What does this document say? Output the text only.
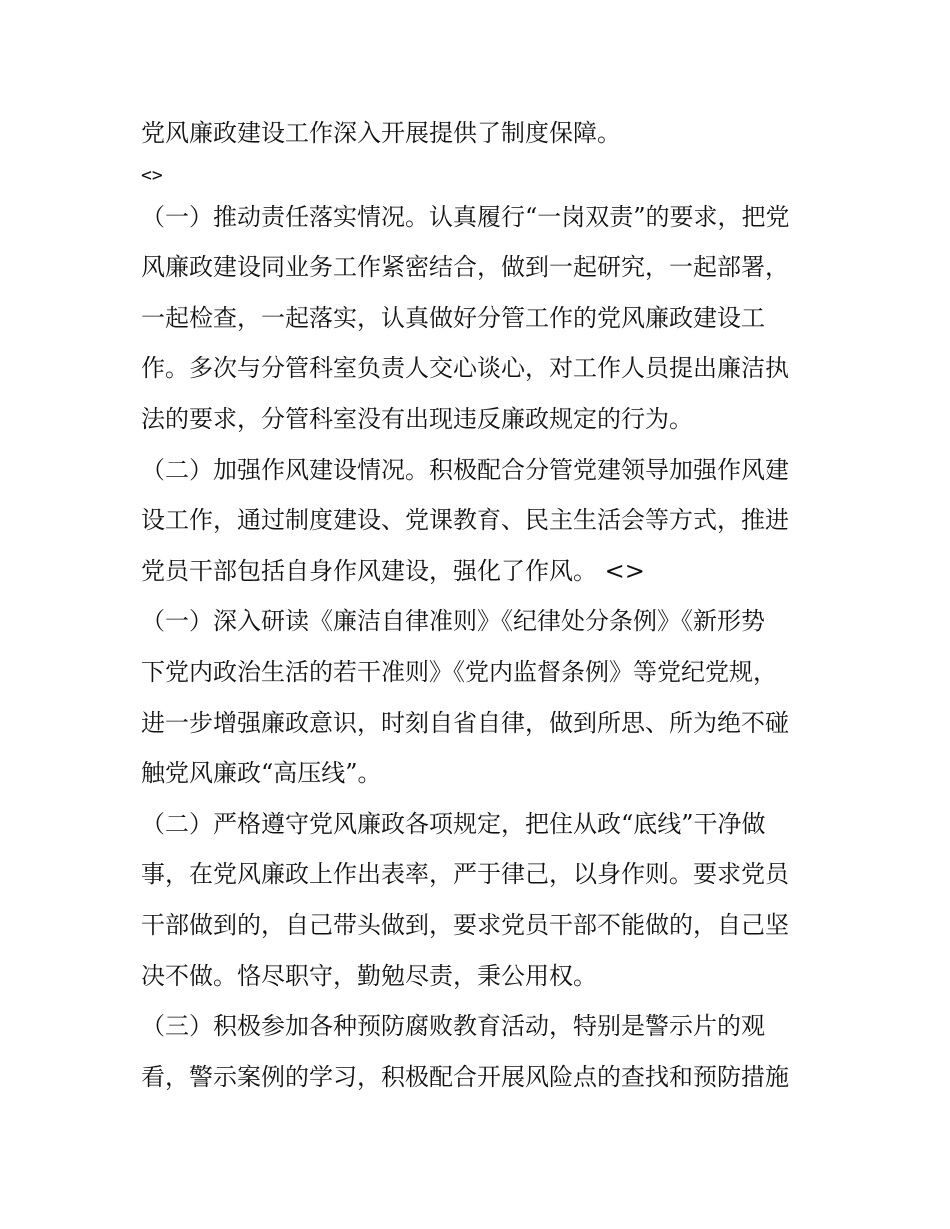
党风廉政建设工作深入开展提供了制度保障。
<>
（一）推动责任落实情况。认真履行“一岗双责”的要求，把党
风廉政建设同业务工作紧密结合，做到一起研究，一起部署，
一起检查，一起落实，认真做好分管工作的党风廉政建设工
作。多次与分管科室负责人交心谈心，对工作人员提出廉洁执
法的要求，分管科室没有出现违反廉政规定的行为。
（二）加强作风建设情况。积极配合分管党建领导加强作风建
设工作，通过制度建设、党课教育、民主生活会等方式，推进
党员干部包括自身作风建设，强化了作风。 <>
（一）深入研读《廉洁自律准则》《纪律处分条例》《新形势
下党内政治生活的若干准则》《党内监督条例》等党纪党规，
进一步增强廉政意识，时刻自省自律，做到所思、所为绝不碰
触党风廉政“高压线”。
（二）严格遵守党风廉政各项规定，把住从政“底线”干净做
事，在党风廉政上作出表率，严于律己，以身作则。要求党员
干部做到的，自己带头做到，要求党员干部不能做的，自己坚
决不做。恪尽职守，勤勉尽责，秉公用权。
（三）积极参加各种预防腐败教育活动，特别是警示片的观
看，警示案例的学习，积极配合开展风险点的查找和预防措施
